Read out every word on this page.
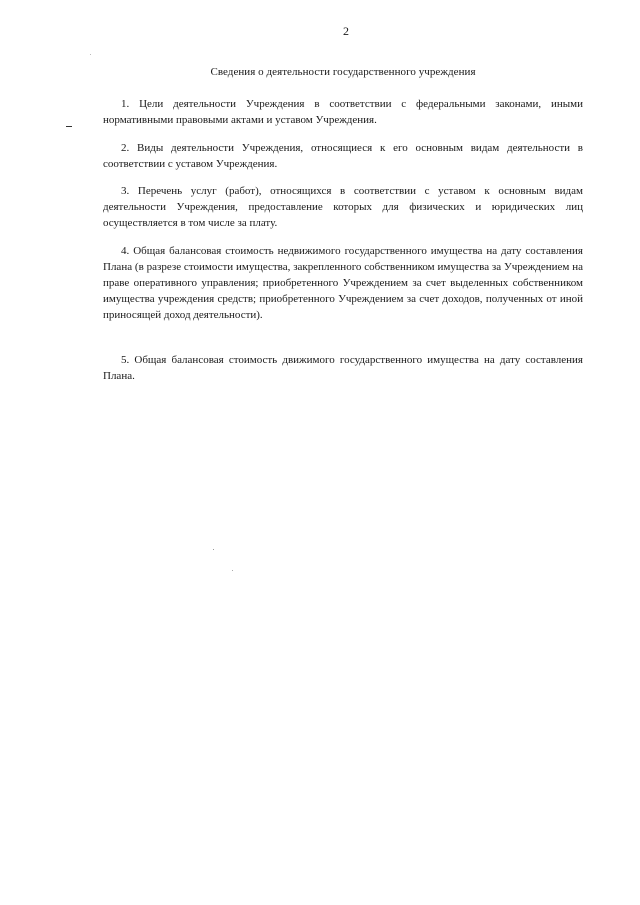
2
Сведения о деятельности государственного учреждения

1. Цели деятельности Учреждения в соответствии с федеральными законами, иными нормативными правовыми актами и уставом Учреждения.

2. Виды деятельности Учреждения, относящиеся к его основным видам деятельности в соответствии с уставом Учреждения.

3. Перечень услуг (работ), относящихся в соответствии с уставом к основным видам деятельности Учреждения, предоставление которых для физических и юридических лиц осуществляется в том числе за плату.

4. Общая балансовая стоимость недвижимого государственного имущества на дату составления Плана (в разрезе стоимости имущества, закрепленного собственником имущества за Учреждением на праве оперативного управления; приобретенного Учреждением за счет выделенных собственником имущества учреждения средств; приобретенного Учреждением за счет доходов, полученных от иной приносящей доход деятельности).

5. Общая балансовая стоимость движимого государственного имущества на дату составления Плана.
